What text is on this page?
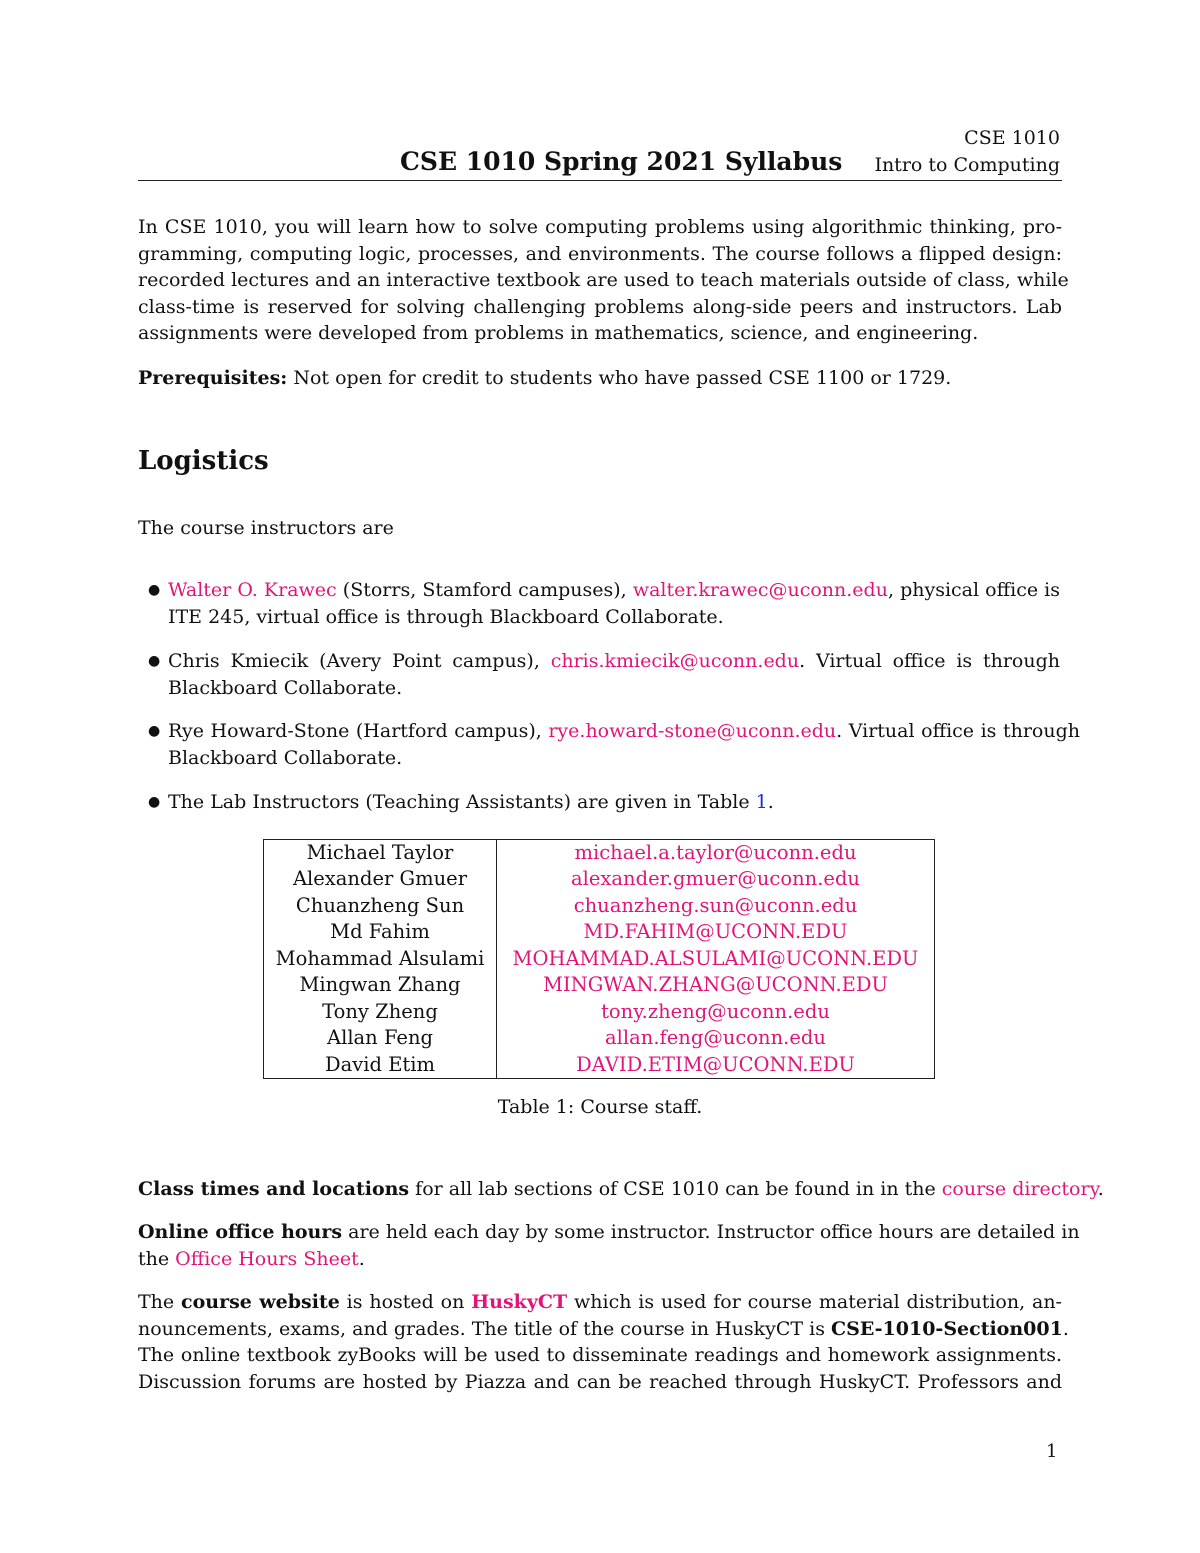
CSE 1010
CSE 1010 Spring 2021 Syllabus Intro to Computing
In CSE 1010, you will learn how to solve computing problems using algorithmic thinking, pro-
gramming, computing logic, processes, and environments. The course follows a flipped design:
recorded lectures and an interactive textbook are used to teach materials outside of class, while
class-time is reserved for solving challenging problems along-side peers and instructors. Lab
assignments were developed from problems in mathematics, science, and engineering.
Prerequisites: Not open for credit to students who have passed CSE 1100 or 1729.
Logistics
The course instructors are
● Walter O. Krawec (Storrs, Stamford campuses), walter.krawec@uconn.edu, physical office is
ITE 245, virtual office is through Blackboard Collaborate.
● Chris Kmiecik (Avery Point campus), chris.kmiecik@uconn.edu. Virtual office is through
Blackboard Collaborate.
● Rye Howard-Stone (Hartford campus), rye.howard-stone@uconn.edu. Virtual office is through
Blackboard Collaborate.
● The Lab Instructors (Teaching Assistants) are given in Table 1.
Michael Taylor	michael.a.taylor@uconn.edu
Alexander Gmuer	alexander.gmuer@uconn.edu
Chuanzheng Sun	chuanzheng.sun@uconn.edu
Md Fahim	MD.FAHIM@UCONN.EDU
Mohammad Alsulami	MOHAMMAD.ALSULAMI@UCONN.EDU
Mingwan Zhang	MINGWAN.ZHANG@UCONN.EDU
Tony Zheng	tony.zheng@uconn.edu
Allan Feng	allan.feng@uconn.edu
David Etim	DAVID.ETIM@UCONN.EDU
Table 1: Course staff.
Class times and locations for all lab sections of CSE 1010 can be found in in the course directory.
Online office hours are held each day by some instructor. Instructor office hours are detailed in
the Office Hours Sheet.
The course website is hosted on HuskyCT which is used for course material distribution, an-
nouncements, exams, and grades. The title of the course in HuskyCT is CSE-1010-Section001.
The online textbook zyBooks will be used to disseminate readings and homework assignments.
Discussion forums are hosted by Piazza and can be reached through HuskyCT. Professors and
1
